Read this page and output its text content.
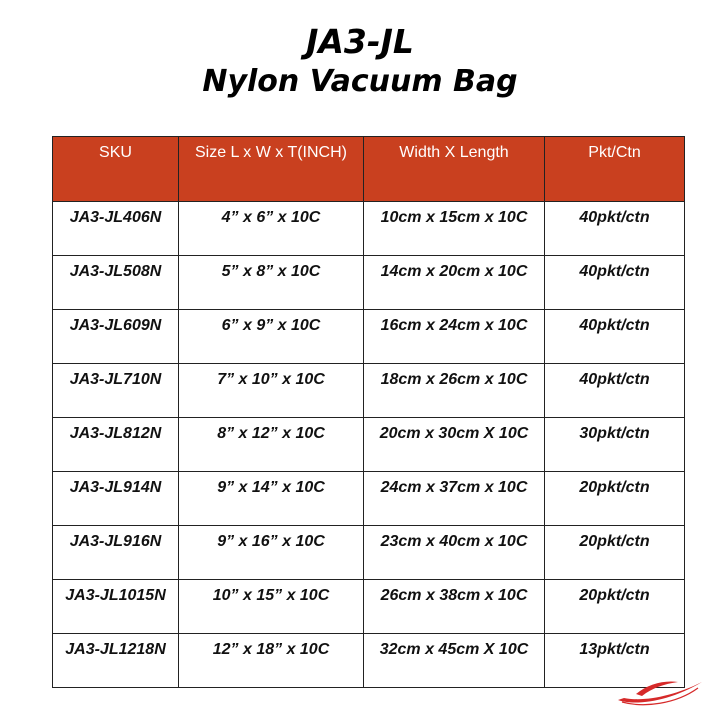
JA3-JL
Nylon Vacuum Bag
SKU	Size L x W x T(INCH)	Width X Length	Pkt/Ctn
JA3-JL406N	4” x 6” x 10C	10cm x 15cm x 10C	40pkt/ctn
JA3-JL508N	5” x 8” x 10C	14cm x 20cm x 10C	40pkt/ctn
JA3-JL609N	6” x 9” x 10C	16cm x 24cm x 10C	40pkt/ctn
JA3-JL710N	7” x 10” x 10C	18cm x 26cm x 10C	40pkt/ctn
JA3-JL812N	8” x 12” x 10C	20cm x 30cm X 10C	30pkt/ctn
JA3-JL914N	9” x 14” x 10C	24cm x 37cm x 10C	20pkt/ctn
JA3-JL916N	9” x 16” x 10C	23cm x 40cm x 10C	20pkt/ctn
JA3-JL1015N	10” x 15” x 10C	26cm x 38cm x 10C	20pkt/ctn
JA3-JL1218N	12” x 18” x 10C	32cm x 45cm X 10C	13pkt/ctn
